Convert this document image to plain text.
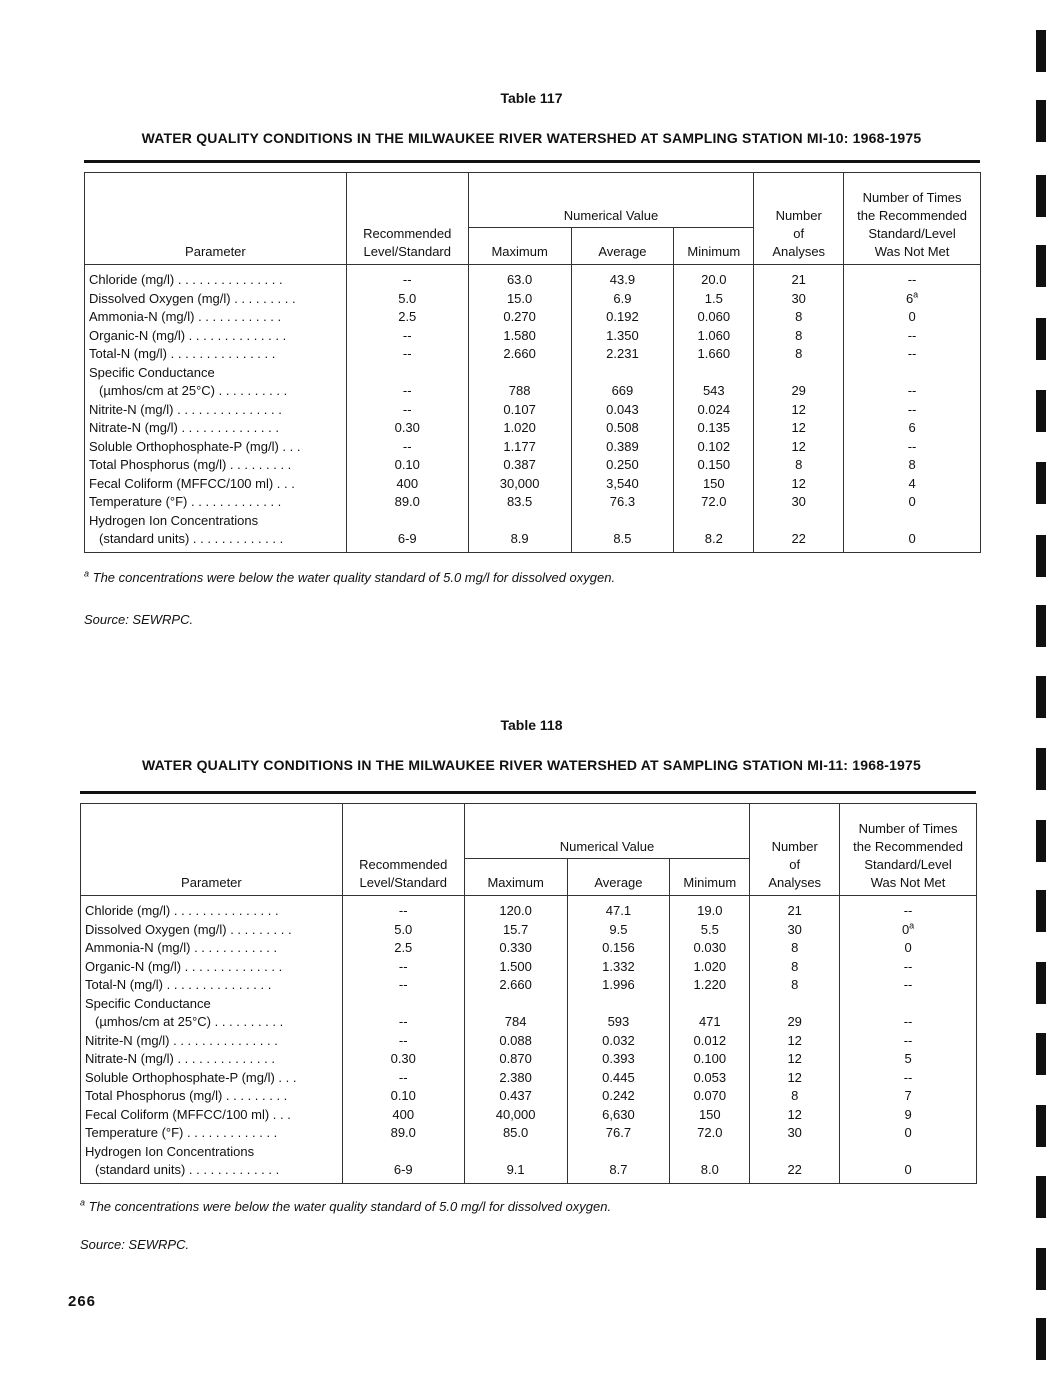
Table 117
WATER QUALITY CONDITIONS IN THE MILWAUKEE RIVER WATERSHED AT SAMPLING STATION MI-10: 1968-1975
Parameter	Recommended
Level/Standard	Numerical Value			Number
of
Analyses	Number of Times
the Recommended
Standard/Level
Was Not Met
		Maximum	Average	Minimum		
Chloride (mg/l) . . . . . . . . . . . . . . .	--	63.0	43.9	20.0	21	--
Dissolved Oxygen (mg/l) . . . . . . . . .	5.0	15.0	6.9	1.5	30	6$^a$
Ammonia-N (mg/l) . . . . . . . . . . . .	2.5	0.270	0.192	0.060	8	0
Organic-N (mg/l) . . . . . . . . . . . . . .	--	1.580	1.350	1.060	8	--
Total-N (mg/l) . . . . . . . . . . . . . . .	--	2.660	2.231	1.660	8	--
Specific Conductance						
(µmhos/cm at 25°C) . . . . . . . . . .	--	788	669	543	29	--
Nitrite-N (mg/l) . . . . . . . . . . . . . . .	--	0.107	0.043	0.024	12	--
Nitrate-N (mg/l) . . . . . . . . . . . . . .	0.30	1.020	0.508	0.135	12	6
Soluble Orthophosphate-P (mg/l) . . .	--	1.177	0.389	0.102	12	--
Total Phosphorus (mg/l) . . . . . . . . .	0.10	0.387	0.250	0.150	8	8
Fecal Coliform (MFFCC/100 ml) . . .	400	30,000	3,540	150	12	4
Temperature (°F) . . . . . . . . . . . . .	89.0	83.5	76.3	72.0	30	0
Hydrogen Ion Concentrations						
(standard units) . . . . . . . . . . . . .	6-9	8.9	8.5	8.2	22	0
$^a$ The concentrations were below the water quality standard of 5.0 mg/l for dissolved oxygen.
Source: SEWRPC.
Table 118
WATER QUALITY CONDITIONS IN THE MILWAUKEE RIVER WATERSHED AT SAMPLING STATION MI-11: 1968-1975
Parameter	Recommended
Level/Standard	Numerical Value			Number
of
Analyses	Number of Times
the Recommended
Standard/Level
Was Not Met
		Maximum	Average	Minimum		
Chloride (mg/l) . . . . . . . . . . . . . . .	--	120.0	47.1	19.0	21	--
Dissolved Oxygen (mg/l) . . . . . . . . .	5.0	15.7	9.5	5.5	30	0$^a$
Ammonia-N (mg/l) . . . . . . . . . . . .	2.5	0.330	0.156	0.030	8	0
Organic-N (mg/l) . . . . . . . . . . . . . .	--	1.500	1.332	1.020	8	--
Total-N (mg/l) . . . . . . . . . . . . . . .	--	2.660	1.996	1.220	8	--
Specific Conductance						
(µmhos/cm at 25°C) . . . . . . . . . .	--	784	593	471	29	--
Nitrite-N (mg/l) . . . . . . . . . . . . . . .	--	0.088	0.032	0.012	12	--
Nitrate-N (mg/l) . . . . . . . . . . . . . .	0.30	0.870	0.393	0.100	12	5
Soluble Orthophosphate-P (mg/l) . . .	--	2.380	0.445	0.053	12	--
Total Phosphorus (mg/l) . . . . . . . . .	0.10	0.437	0.242	0.070	8	7
Fecal Coliform (MFFCC/100 ml) . . .	400	40,000	6,630	150	12	9
Temperature (°F) . . . . . . . . . . . . .	89.0	85.0	76.7	72.0	30	0
Hydrogen Ion Concentrations						
(standard units) . . . . . . . . . . . . .	6-9	9.1	8.7	8.0	22	0
$^a$ The concentrations were below the water quality standard of 5.0 mg/l for dissolved oxygen.
Source: SEWRPC.
266
